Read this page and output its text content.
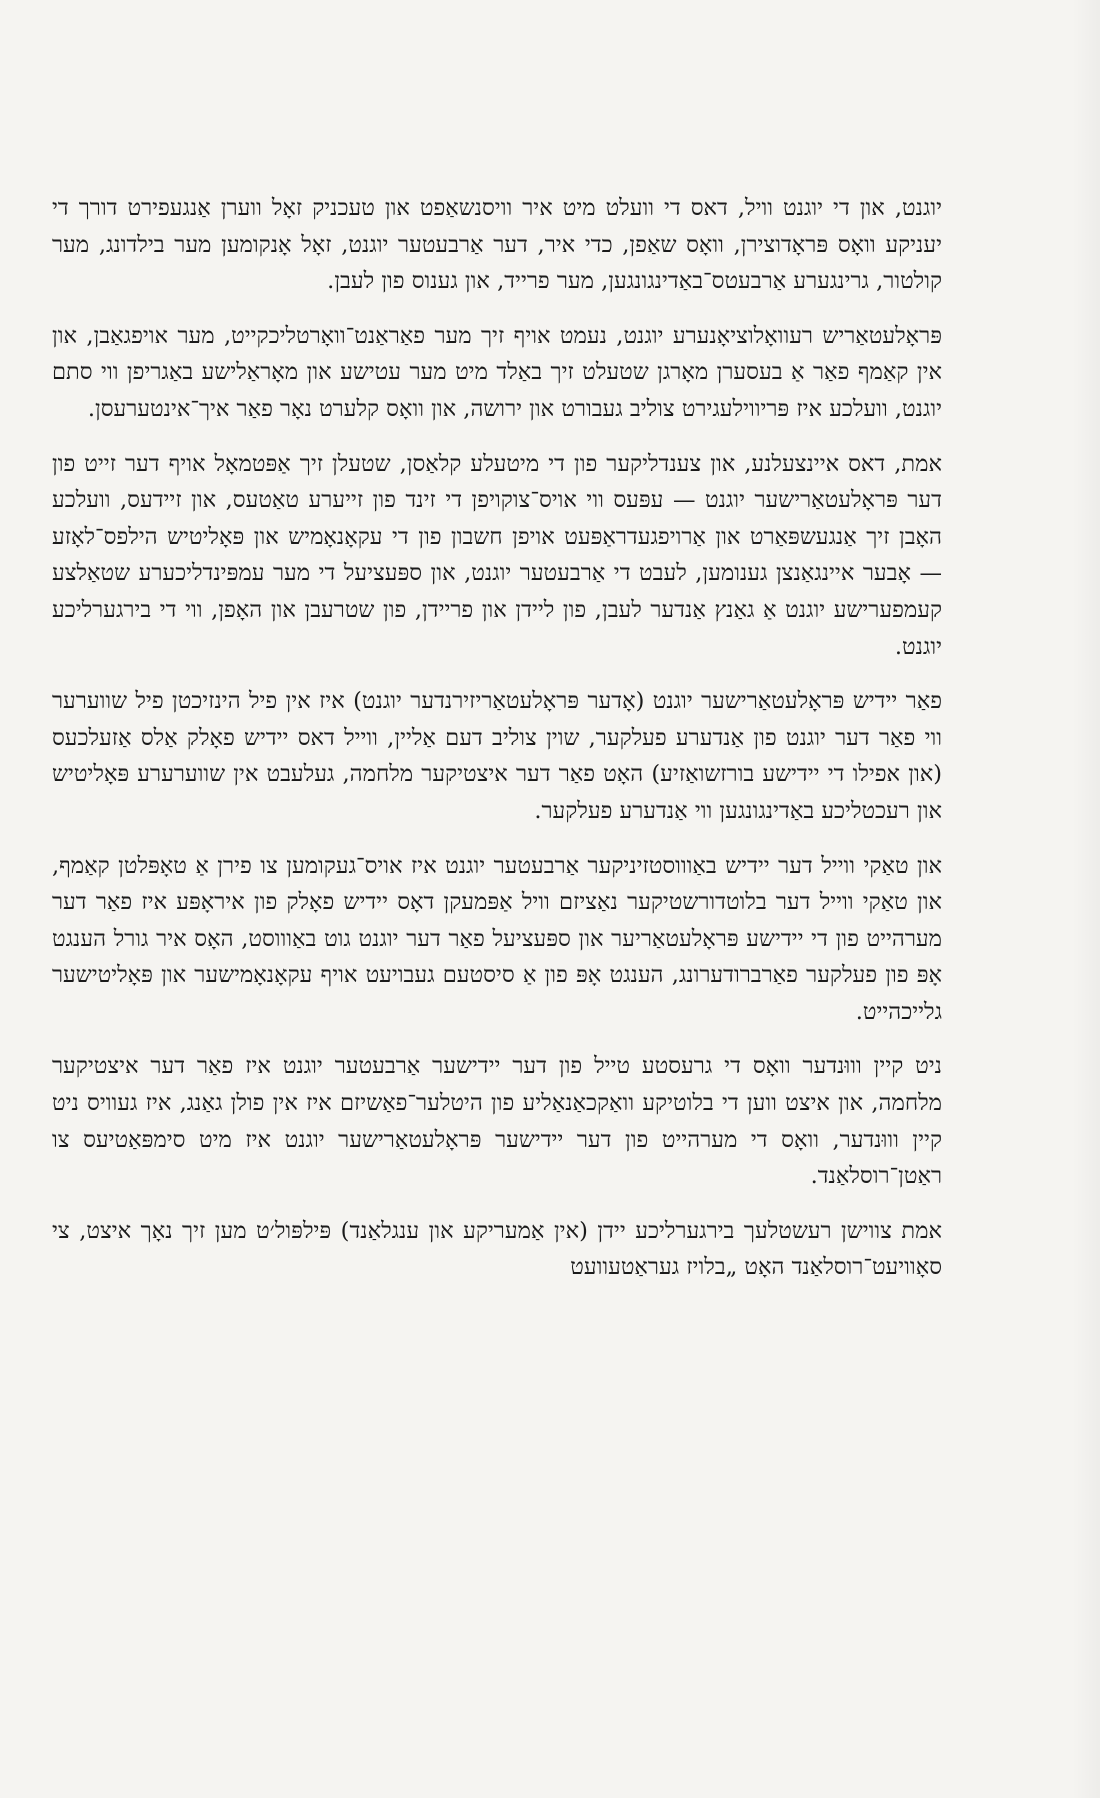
יוגנט, און די יוגנט וויל, דאס די וועלט מיט איר וויסנשאַפט און טעכניק זאָל ווערן אַנגעפירט דורך די יעניקע וואָס פּראָדוצירן, וואָס שאַפן, כדי איר, דער אַרבעטער יוגנט, זאָל אָנקומען מער בילדונג, מער קולטור, גרינגערע אַרבעטס־באַדינגונגען, מער פרייד, און גענוס פון לעבן.

פּראָלעטאַריש רעוואָלוציאָנערע יוגנט, נעמט אויף זיך מער פאַראַנט־וואָרטליכקייט, מער אויפגאַבן, און אין קאַמף פאַר אַ בעסערן מאָרגן שטעלט זיך באַלד מיט מער עטישע און מאָראַלישע באַגריפן ווי סתם יוגנט, וועלכע איז פּריווילעגירט צוליב געבורט און ירושה, און וואָס קלערט נאָר פאַר איך־אינטערעסן.

אמת, דאס איינצעלנע, און צענדליקער פון די מיטעלע קלאַסן, שטעלן זיך אַפּטמאָל אויף דער זייט פון דער פּראָלעטאַרישער יוגנט — עפּעס ווי אויס־צוקויפן די זינד פון זייערע טאַטעס, און זיידעס, וועלכע האָבן זיך אַנגעשפּאַרט און אַרויפגעדראַפּעט אויפן חשבון פון די עקאָנאָמיש און פּאָליטיש הילפס־לאָזע — אָבער איינגאַנצן גענומען, לעבט די אַרבעטער יוגנט, און ספּעציעל די מער עמפּינדליכערע שטאַלצע קעמפערישע יוגנט אַ גאַנץ אַנדער לעבן, פון ליידן און פריידן, פון שטרעבן און האָפן, ווי די בירגערליכע יוגנט.

פאַר יידיש פּראָלעטאַרישער יוגנט (אָדער פּראָלעטאַריזירנדער יוגנט) איז אין פיל הינזיכטן פיל שווערער ווי פאַר דער יוגנט פון אַנדערע פעלקער, שוין צוליב דעם אַליין, ווייל דאס יידיש פאָלק אַלס אַזעלכעס (און אפילו די יידישע בורזשואַזיע) האָט פאַר דער איצטיקער מלחמה, געלעבט אין שווערערע פּאָליטיש און רעכטליכע באַדינגונגען ווי אַנדערע פעלקער.

און טאַקי ווייל דער יידיש באַוווסטזיניקער אַרבעטער יוגנט איז אויס־געקומען צו פירן אַ טאָפּלטן קאַמף, און טאַקי ווייל דער בלוטדורשטיקער נאַציזם וויל אַפּמעקן דאָס יידיש פאָלק פון איראָפּע איז פאַר דער מערהייט פון די יידישע פּראָלעטאַריער און ספּעציעל פאַר דער יוגנט גוט באַוווסט, האָס איר גורל הענגט אָפּ פון פעלקער פאַרברודערונג, הענגט אָפּ פון אַ סיסטעם געבויעט אויף עקאָנאָמישער און פּאָליטישער גלייכהייט.

ניט קיין וווּנדער וואָס די גרעסטע טייל פון דער יידישער אַרבעטער יוגנט איז פאַר דער איצטיקער מלחמה, און איצט ווען די בלוטיקע וואַקכאַנאַליע פון היטלער־פאַשיזם איז אין פולן גאַנג, איז געוויס ניט קיין וווּנדער, וואָס די מערהייט פון דער יידישער פּראָלעטאַרישער יוגנט איז מיט סימפּאַטיעס צו ראַטן־רוסלאַנד.

אמת צווישן רעשטלעך בירגערליכע יידן (אין אַמעריקע און ענגלאַנד) פּילפּול׳ט מען זיך נאָך איצט, צי סאָוויעט־רוסלאַנד האָט „בלויז געראַטעוועט
